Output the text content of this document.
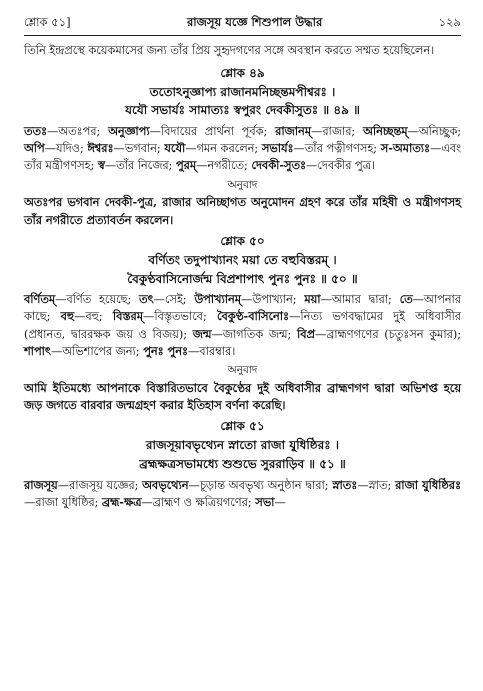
শ্লোক ৫১]	রাজসূয় যজ্ঞে শিশুপাল উদ্ধার	১২৯

তিনি ইন্দ্রপ্রস্থে কয়েকমাসের জন্য তাঁর প্রিয় সুহৃদগণের সঙ্গে অবস্থান করতে সম্মত হয়েছিলেন।

শ্লোক ৪৯
ততোঽনুজ্ঞাপ্য রাজানমনিচ্ছন্তমপীশ্বরঃ ।
যযৌ সভার্যঃ সামাত্যঃ স্বপুরং দেবকীসুতঃ ॥ ৪৯ ॥

ততঃ—অতঃপর; অনুজ্ঞাপ্য—বিদায়ের প্রার্থনা পূর্বক; রাজানম্—রাজার; অনিচ্ছন্তম্—অনিচ্ছুক; অপি—যদিও; ঈশ্বরঃ—ভগবান; যযৌ—গমন করলেন; সভার্যঃ—তাঁর পত্নীগণসহ; স-অমাত্যঃ—এবং তাঁর মন্ত্রীগণসহ; স্ব—তাঁর নিজের; পুরম্—নগরীতে; দেবকী-সুতঃ—দেবকীর পুত্র।

অনুবাদ

অতঃপর ভগবান দেবকী-পুত্র, রাজার অনিচ্ছাগত অনুমোদন গ্রহণ করে তাঁর মহিষী ও মন্ত্রীগণসহ তাঁর নগরীতে প্রত্যাবর্তন করলেন।

শ্লোক ৫০
বর্ণিতং তদুপাখ্যানং ময়া তে বহুবিস্তরম্ ।
বৈকুণ্ঠবাসিনোর্জন্ম বিপ্রশাপাৎ পুনঃ পুনঃ ॥ ৫০ ॥

বর্ণিতম্—বর্ণিত হয়েছে; তৎ—সেই; উপাখ্যানম্—উপাখ্যান; ময়া—আমার দ্বারা; তে—আপনার কাছে; বহু—বহু; বিস্তরম্—বিস্তৃতভাবে; বৈকুণ্ঠ-বাসিনোঃ—নিত্য ভগবদ্ধামের দুই অধিবাসীর (প্রধানত, দ্বাররক্ষক জয় ও বিজয়); জন্ম—জাগতিক জন্ম; বিপ্র—ব্রাহ্মণগণের (চতুঃসন কুমার); শাপাৎ—অভিশাপের জন্য; পুনঃ পুনঃ—বারম্বার।

অনুবাদ

আমি ইতিমধ্যে আপনাকে বিস্তারিতভাবে বৈকুণ্ঠের দুই অধিবাসীর ব্রাহ্মণগণ দ্বারা অভিশপ্ত হয়ে জড় জগতে বারবার জন্মগ্রহণ করার ইতিহাস বর্ণনা করেছি।

শ্লোক ৫১
রাজসূয়াবভৃথ্যেন স্নাতো রাজা যুধিষ্ঠিরঃ ।
ব্রহ্মক্ষত্রসভামধ্যে শুশুভে সুররাড়িব ॥ ৫১ ॥

রাজসূয়—রাজসূয় যজ্ঞের; অবভৃথ্যেন—চূড়ান্ত অবভৃথ্য অনুষ্ঠান দ্বারা; স্নাতঃ—স্নাত; রাজা যুধিষ্ঠিরঃ—রাজা যুধিষ্ঠির; ব্রহ্ম-ক্ষত্র—ব্রাহ্মণ ও ক্ষত্রিয়গণের; সভা—
